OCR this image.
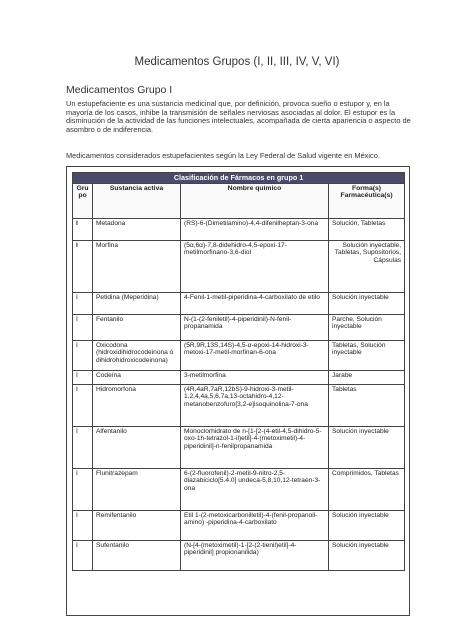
Medicamentos Grupos (I, II, III, IV, V, VI)
Medicamentos Grupo I
Un estupefaciente es una sustancia medicinal que, por definición, provoca sueño o estupor y, en la mayoría de los casos, inhibe la transmisión de señales nerviosas asociadas al dolor. El estupor es la disminución de la actividad de las funciones intelectuales, acompañada de cierta apariencia o aspecto de asombro o de indiferencia.
Medicamentos considerados estupefacientes según la Ley Federal de Salud vigente en México.
Clasificación de Fármacos en grupo 1			
Grupo	Sustancia activa	Nombre químico	Forma(s) Farmacéutica(s)
I	Metadona	(RS)-6-(Dimetilamino)-4,4-difenilheptan-3-ona	Solución, Tabletas
I	Morfina	(5α,6α)-7,8-didehidro-4,5-epoxi-17-metilmorfinano-3,6-diol	Solución inyectable, Tabletas, Supositorios, Cápsulas
I	Petidina (Meperidina)	4-Fenil-1-metil-piperidina-4-carboxilato de etilo	Solución inyectable
I	Fentanilo	N-(1-(2-feniletil)-4-piperidinil)-N-fenil-propanamida	Parche, Solución inyectable
I	Oxicodona (hidroxidihidrocodeinona ó dihidrohidroxicodeinona)	(5R,9R,13S,14S)-4,5-α-epoxi-14-hidroxi-3-metoxi-17-metil-morfinan-6-ona	Tabletas, Solución inyectable
I	Codeína	3-metilmorfina	Jarabe
I	Hidromorfona	(4R,4aR,7aR,12bS)-9-hidroxi-3-metil-1,2,4,4a,5,6,7a,13-octahidro-4,12-metanobenzofuro[3,2-e]isoquinolina-7-ona	Tabletas
I	Alfentanilo	Monoclorhidrato de n-[1-[2-(4-etil-4,5-dihidro-5-oxo-1h-tetrazol-1-il)etil]-4-(metoximetil)-4-piperidinil]-n-fenilpropanamida	Solución inyectable
I	Flunitrazepam	6-(2-fluorofenil)-2-metil-9-nitro-2,5-diazabiciclo[5.4.0] undeca-5,8,10,12-tetraen-3-ona	Comprimidos, Tabletas
I	Remifentanilo	Etil 1-(2-metoxicarbonilletil)-4-(fenil-propanoil-amino) -piperidina-4-carboxilato	Solución inyectable
I	Sufentanilo	(N-[4-(metoximetil)-1-[2-(2-tienil)etil]-4-piperidinil] propionanilida)	Solución inyectable
